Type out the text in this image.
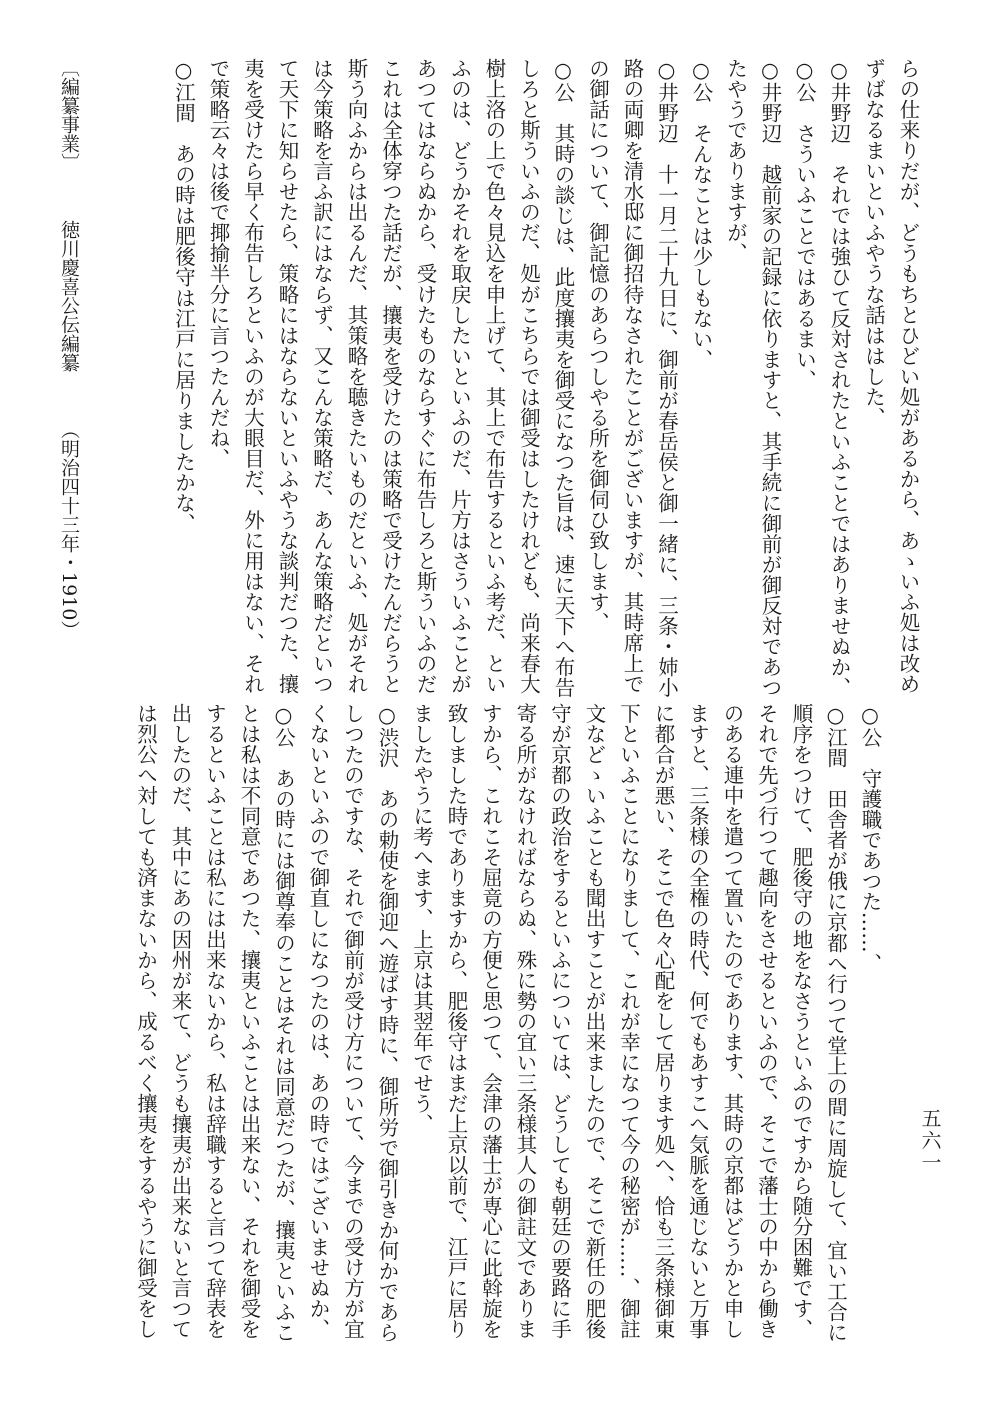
らの仕来りだが、どうもちとひどい処があるから、あゝいふ処は改め
ずばなるまいといふやうな話ははした、
○井野辺　それでは強ひて反対されたといふことではありませぬか、
○公　さういふことではあるまい、
○井野辺　越前家の記録に依りますと、其手続に御前が御反対であつ
たやうでありますが、
○公　そんなことは少しもない、
○井野辺　十一月二十九日に、御前が春岳侯と御一緒に、三条・姉小
路の両卿を清水邸に御招待なされたことがございますが、其時席上で
の御話について、御記憶のあらつしやる所を御伺ひ致します、
○公　其時の談じは、此度攘夷を御受になつた旨は、速に天下へ布告
しろと斯ういふのだ、処がこちらでは御受はしたけれども、尚来春大
樹上洛の上で色々見込を申上げて、其上で布告するといふ考だ、とい
ふのは、どうかそれを取戻したいといふのだ、片方はさういふことが
あつてはならぬから、受けたものならすぐに布告しろと斯ういふのだ
これは全体穿つた話だが、攘夷を受けたのは策略で受けたんだらうと
斯う向ふからは出るんだ、其策略を聴きたいものだといふ、処がそれ
は今策略を言ふ訳にはならず、又こんな策略だ、あんな策略だといつ
て天下に知らせたら、策略にはならないといふやうな談判だつた、攘
夷を受けたら早く布告しろといふのが大眼目だ、外に用はない、それ
で策略云々は後で揶揄半分に言つたんだね、
○江間　あの時は肥後守は江戸に居りましたかな、
○公　守護職であつた……、
○江間　田舎者が俄に京都へ行つて堂上の間に周旋して、宜い工合に
順序をつけて、肥後守の地をなさうといふのですから随分困難です、
それで先づ行つて趣向をさせるといふので、そこで藩士の中から働き
のある連中を遣つて置いたのであります、其時の京都はどうかと申し
ますと、三条様の全権の時代、何でもあすこへ気脈を通じないと万事
に都合が悪い、そこで色々心配をして居ります処へ、恰も三条様御東
下といふことになりまして、これが幸になつて今の秘密が……、御註
文などゝいふことも聞出すことが出来ましたので、そこで新任の肥後
守が京都の政治をするといふについては、どうしても朝廷の要路に手
寄る所がなければならぬ、殊に勢の宜い三条様其人の御註文でありま
すから、これこそ屈竟の方便と思つて、会津の藩士が専心に此斡旋を
致しました時でありますから、肥後守はまだ上京以前で、江戸に居り
ましたやうに考へます、上京は其翌年でせう、
○渋沢　あの勅使を御迎へ遊ばす時に、御所労で御引きか何かであら
しつたのですな、それで御前が受け方について、今までの受け方が宜
くないといふので御直しになつたのは、あの時ではございませぬか、
○公　あの時には御尊奉のことはそれは同意だつたが、攘夷といふこ
とは私は不同意であつた、攘夷といふことは出来ない、それを御受を
するといふことは私には出来ないから、私は辞職すると言つて辞表を
出したのだ、其中にあの因州が来て、どうも攘夷が出来ないと言つて
は烈公へ対しても済まないから、成るべく攘夷をするやうに御受をし	五六一
〔編纂事業〕
徳川慶喜公伝編纂
（明治四十三年・1910）
